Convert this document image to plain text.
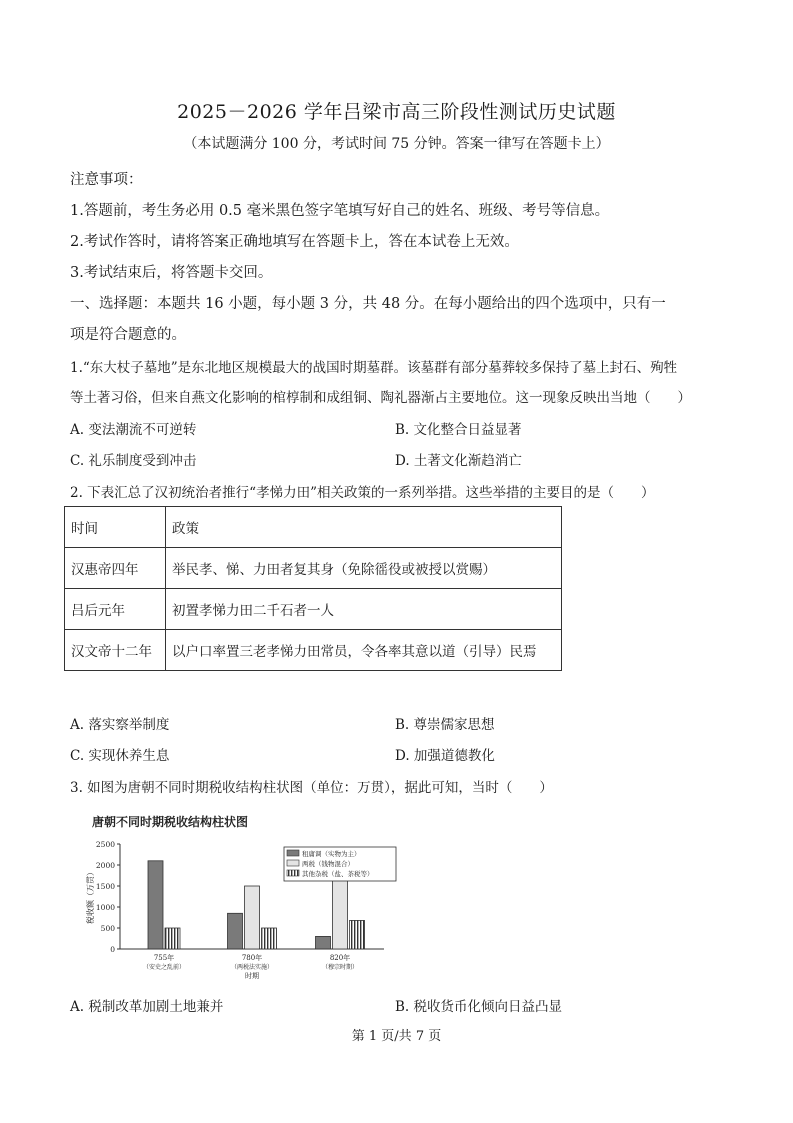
2025－2026 学年吕梁市高三阶段性测试历史试题
（本试题满分 100 分，考试时间 75 分钟。答案一律写在答题卡上）
注意事项：
1.答题前，考生务必用 0.5 毫米黑色签字笔填写好自己的姓名、班级、考号等信息。
2.考试作答时，请将答案正确地填写在答题卡上，答在本试卷上无效。
3.考试结束后，将答题卡交回。
一、选择题：本题共 16 小题，每小题 3 分，共 48 分。在每小题给出的四个选项中，只有一
项是符合题意的。
1.“东大杖子墓地”是东北地区规模最大的战国时期墓群。该墓群有部分墓葬较多保持了墓上封石、殉牲
等土著习俗，但来自燕文化影响的棺椁制和成组铜、陶礼器渐占主要地位。这一现象反映出当地（　　）
A. 变法潮流不可逆转	B. 文化整合日益显著
C. 礼乐制度受到冲击	D. 土著文化渐趋消亡
2. 下表汇总了汉初统治者推行“孝悌力田”相关政策的一系列举措。这些举措的主要目的是（　　）
时间	政策
汉惠帝四年	举民孝、悌、力田者复其身（免除徭役或被授以赏赐）
吕后元年	初置孝悌力田二千石者一人
汉文帝十二年	以户口率置三老孝悌力田常员，令各率其意以道（引导）民焉
A. 落实察举制度	B. 尊崇儒家思想
C. 实现休养生息	D. 加强道德教化
3. 如图为唐朝不同时期税收结构柱状图（单位：万贯），据此可知，当时（　　）
唐朝不同时期税收结构柱状图
0
500
1000
1500
2000
2500
税收额（万贯）
755年
（安史之乱前）
780年
（两税法实施）
820年
（穆宗时期）
时期
租庸调（实物为主）
两税（钱物混合）
其他杂税（盐、茶税等）
A. 税制改革加剧土地兼并	B. 税收货币化倾向日益凸显
第 1 页/共 7 页
